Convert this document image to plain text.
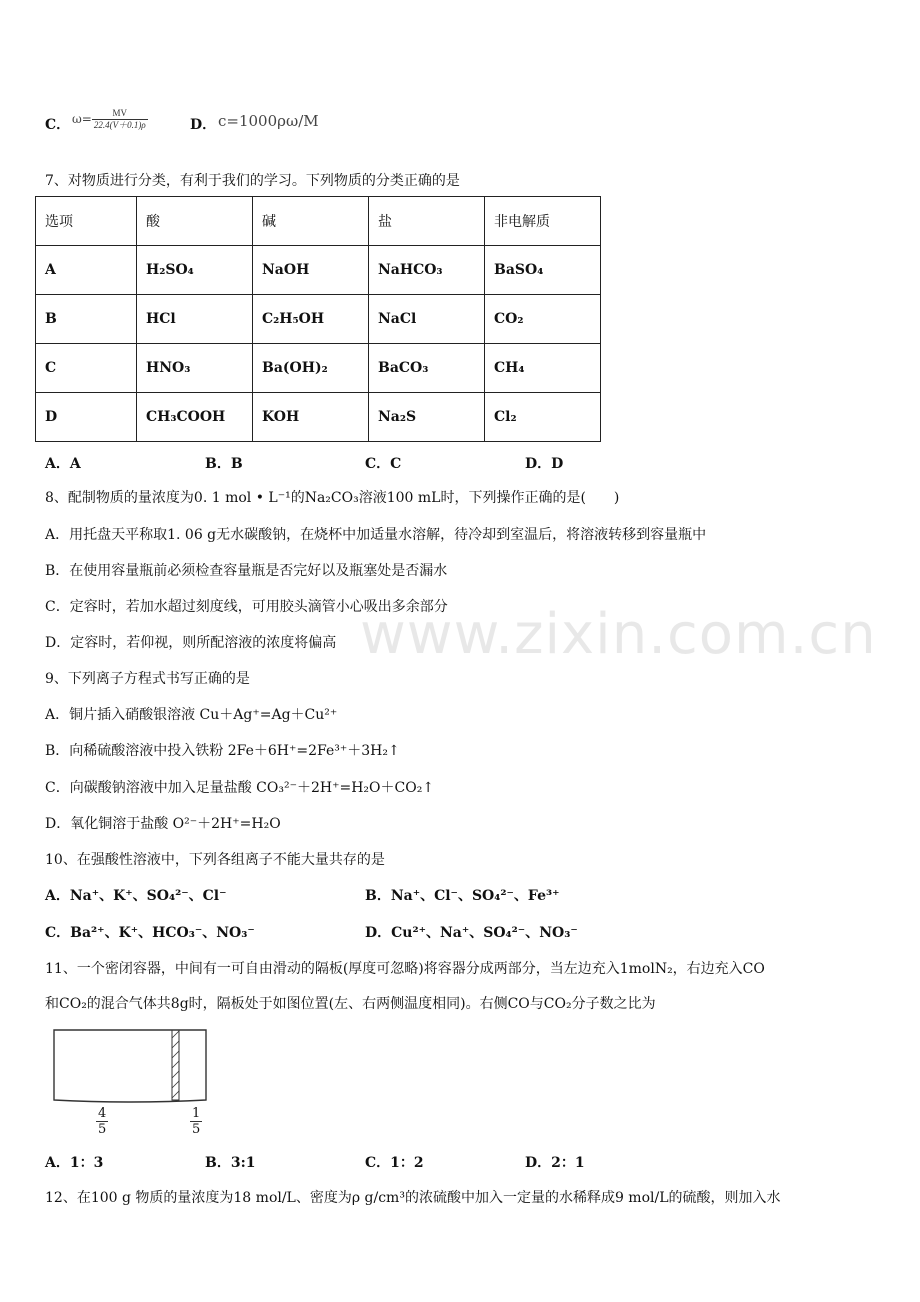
C． $\omega= \frac{MV}{22.4(V+0.1)\rho}$	D． c=1000ρω/M
7、对物质进行分类，有利于我们的学习。下列物质的分类正确的是
选项	酸	碱	盐	非电解质
A	H₂SO₄	NaOH	NaHCO₃	BaSO₄
B	HCl	C₂H₅OH	NaCl	CO₂
C	HNO₃	Ba(OH)₂	BaCO₃	CH₄
D	CH₃COOH	KOH	Na₂S	Cl₂
A．A	B．B	C．C	D．D
8、配制物质的量浓度为0. 1 mol • L⁻¹的Na₂CO₃溶液100 mL时，下列操作正确的是(　　)
A．用托盘天平称取1. 06 g无水碳酸钠，在烧杯中加适量水溶解，待冷却到室温后，将溶液转移到容量瓶中
B．在使用容量瓶前必须检查容量瓶是否完好以及瓶塞处是否漏水
C．定容时，若加水超过刻度线，可用胶头滴管小心吸出多余部分
D．定容时，若仰视，则所配溶液的浓度将偏高 www.zixin.com.cn
9、下列离子方程式书写正确的是
A．铜片插入硝酸银溶液 Cu＋Ag⁺=Ag＋Cu²⁺
B．向稀硫酸溶液中投入铁粉 2Fe＋6H⁺=2Fe³⁺＋3H₂↑
C．向碳酸钠溶液中加入足量盐酸 CO₃²⁻＋2H⁺=H₂O＋CO₂↑
D．氧化铜溶于盐酸 O²⁻＋2H⁺=H₂O
10、在强酸性溶液中，下列各组离子不能大量共存的是
A．Na⁺、K⁺、SO₄²⁻、Cl⁻	B．Na⁺、Cl⁻、SO₄²⁻、Fe³⁺
C．Ba²⁺、K⁺、HCO₃⁻、NO₃⁻	D．Cu²⁺、Na⁺、SO₄²⁻、NO₃⁻
11、一个密闭容器，中间有一可自由滑动的隔板(厚度可忽略)将容器分成两部分，当左边充入1molN₂，右边充入CO
和CO₂的混合气体共8g时，隔板处于如图位置(左、右两侧温度相同)。右侧CO与CO₂分子数之比为
$\frac{4}{5}$	$\frac{1}{5}$
A．1：3	B．3:1	C．1：2	D．2：1
12、在100 g 物质的量浓度为18 mol/L、密度为ρ g/cm³的浓硫酸中加入一定量的水稀释成9 mol/L的硫酸，则加入水
